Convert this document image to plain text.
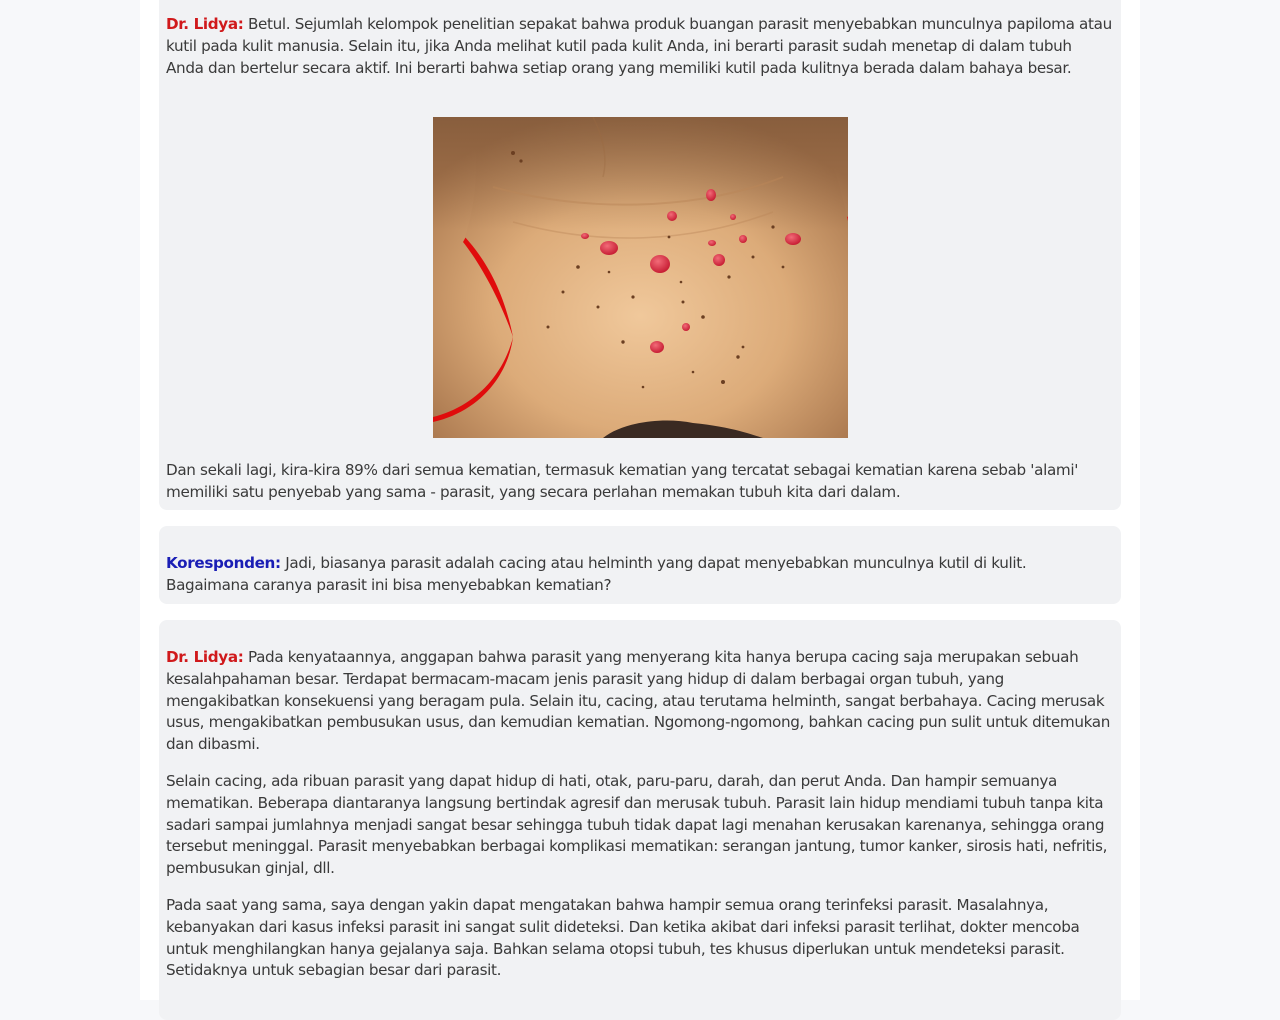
Dr. Lidya: Betul. Sejumlah kelompok penelitian sepakat bahwa produk buangan parasit menyebabkan munculnya papiloma atau kutil pada kulit manusia. Selain itu, jika Anda melihat kutil pada kulit Anda, ini berarti parasit sudah menetap di dalam tubuh Anda dan bertelur secara aktif. Ini berarti bahwa setiap orang yang memiliki kutil pada kulitnya berada dalam bahaya besar.

Dan sekali lagi, kira-kira 89% dari semua kematian, termasuk kematian yang tercatat sebagai kematian karena sebab 'alami' memiliki satu penyebab yang sama - parasit, yang secara perlahan memakan tubuh kita dari dalam.

Koresponden: Jadi, biasanya parasit adalah cacing atau helminth yang dapat menyebabkan munculnya kutil di kulit. Bagaimana caranya parasit ini bisa menyebabkan kematian?

Dr. Lidya: Pada kenyataannya, anggapan bahwa parasit yang menyerang kita hanya berupa cacing saja merupakan sebuah kesalahpahaman besar. Terdapat bermacam-macam jenis parasit yang hidup di dalam berbagai organ tubuh, yang mengakibatkan konsekuensi yang beragam pula. Selain itu, cacing, atau terutama helminth, sangat berbahaya. Cacing merusak usus, mengakibatkan pembusukan usus, dan kemudian kematian. Ngomong-ngomong, bahkan cacing pun sulit untuk ditemukan dan dibasmi.

Selain cacing, ada ribuan parasit yang dapat hidup di hati, otak, paru-paru, darah, dan perut Anda. Dan hampir semuanya mematikan. Beberapa diantaranya langsung bertindak agresif dan merusak tubuh. Parasit lain hidup mendiami tubuh tanpa kita sadari sampai jumlahnya menjadi sangat besar sehingga tubuh tidak dapat lagi menahan kerusakan karenanya, sehingga orang tersebut meninggal. Parasit menyebabkan berbagai komplikasi mematikan: serangan jantung, tumor kanker, sirosis hati, nefritis, pembusukan ginjal, dll.

Pada saat yang sama, saya dengan yakin dapat mengatakan bahwa hampir semua orang terinfeksi parasit. Masalahnya, kebanyakan dari kasus infeksi parasit ini sangat sulit dideteksi. Dan ketika akibat dari infeksi parasit terlihat, dokter mencoba untuk menghilangkan hanya gejalanya saja. Bahkan selama otopsi tubuh, tes khusus diperlukan untuk mendeteksi parasit. Setidaknya untuk sebagian besar dari parasit.
